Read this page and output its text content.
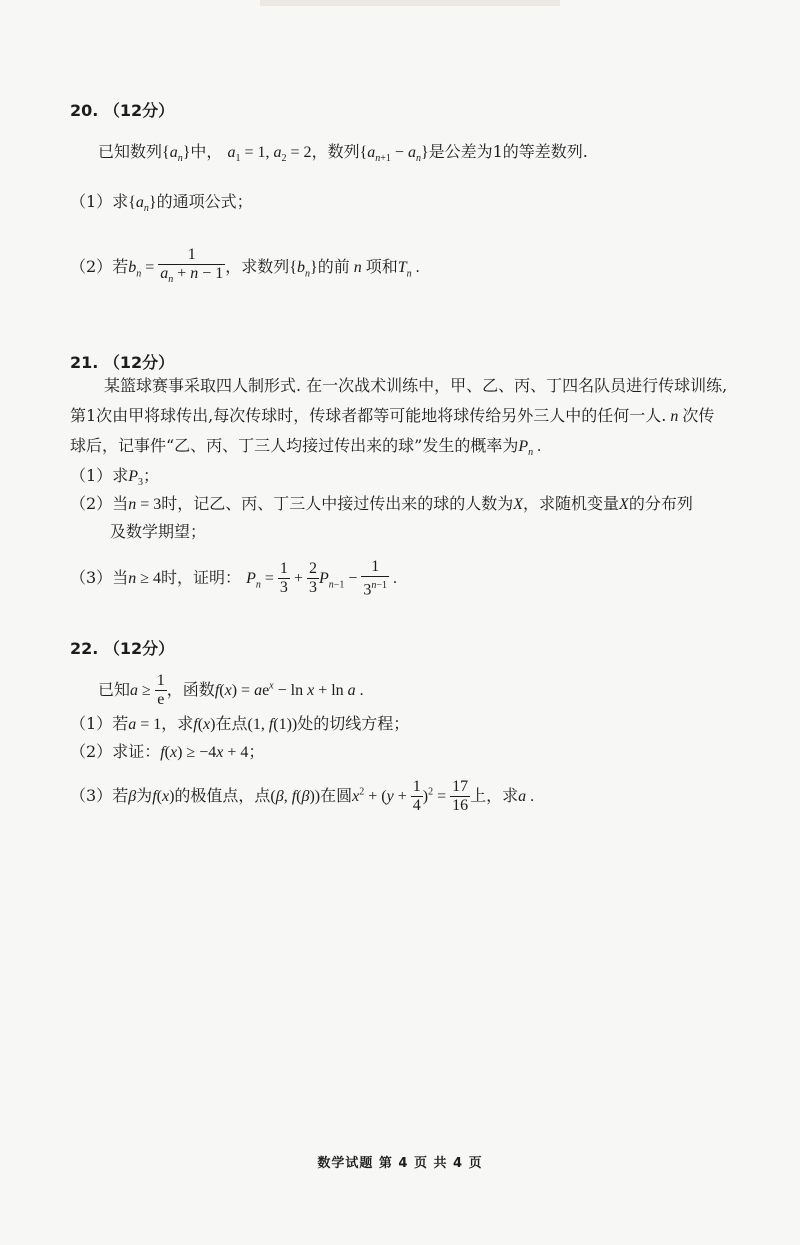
20. （12分）
已知数列$\{a_n\}$中， $a_1 = 1$, $a_2 = 2$，数列$\{a_{n+1} - a_n\}$是公差为1的等差数列.
（1）求$\{a_n\}$的通项公式；
（2）若$b_n = \frac{1}{a_n + n - 1}$ ，求数列$\{b_n\}$的前 n 项和$T_n$ .
21. （12分）
某篮球赛事采取四人制形式. 在一次战术训练中，甲、乙、丙、丁四名队员进行传球训练,
第1次由甲将球传出,每次传球时，传球者都等可能地将球传给另外三人中的任何一人. n 次传
球后，记事件“乙、丙、丁三人均接过传出来的球”发生的概率为$P_n$ .
（1）求$P_3$；
（2）当n = 3时，记乙、丙、丁三人中接过传出来的球的人数为X，求随机变量X的分布列
及数学期望；
（3）当n ≥ 4时，证明： $P_n = \frac{1}{3} + \frac{2}{3} P_{n-1} - \frac{1}{3^{n-1}}$ .
22. （12分）
已知$a \ge \frac{1}{e}$ ，函数$f(x) = ae^x - \ln x + \ln a$ .
（1）若a = 1，求f(x)在点(1, f(1))处的切线方程；
（2）求证：f(x) ≥ −4x + 4；
（3）若β为f(x)的极值点，点(β, f(β))在圆$x^2 + (y + \frac{1}{4} )^2 = \frac{17}{16}$ 上，求a .
数学试题 第 4 页 共 4 页
